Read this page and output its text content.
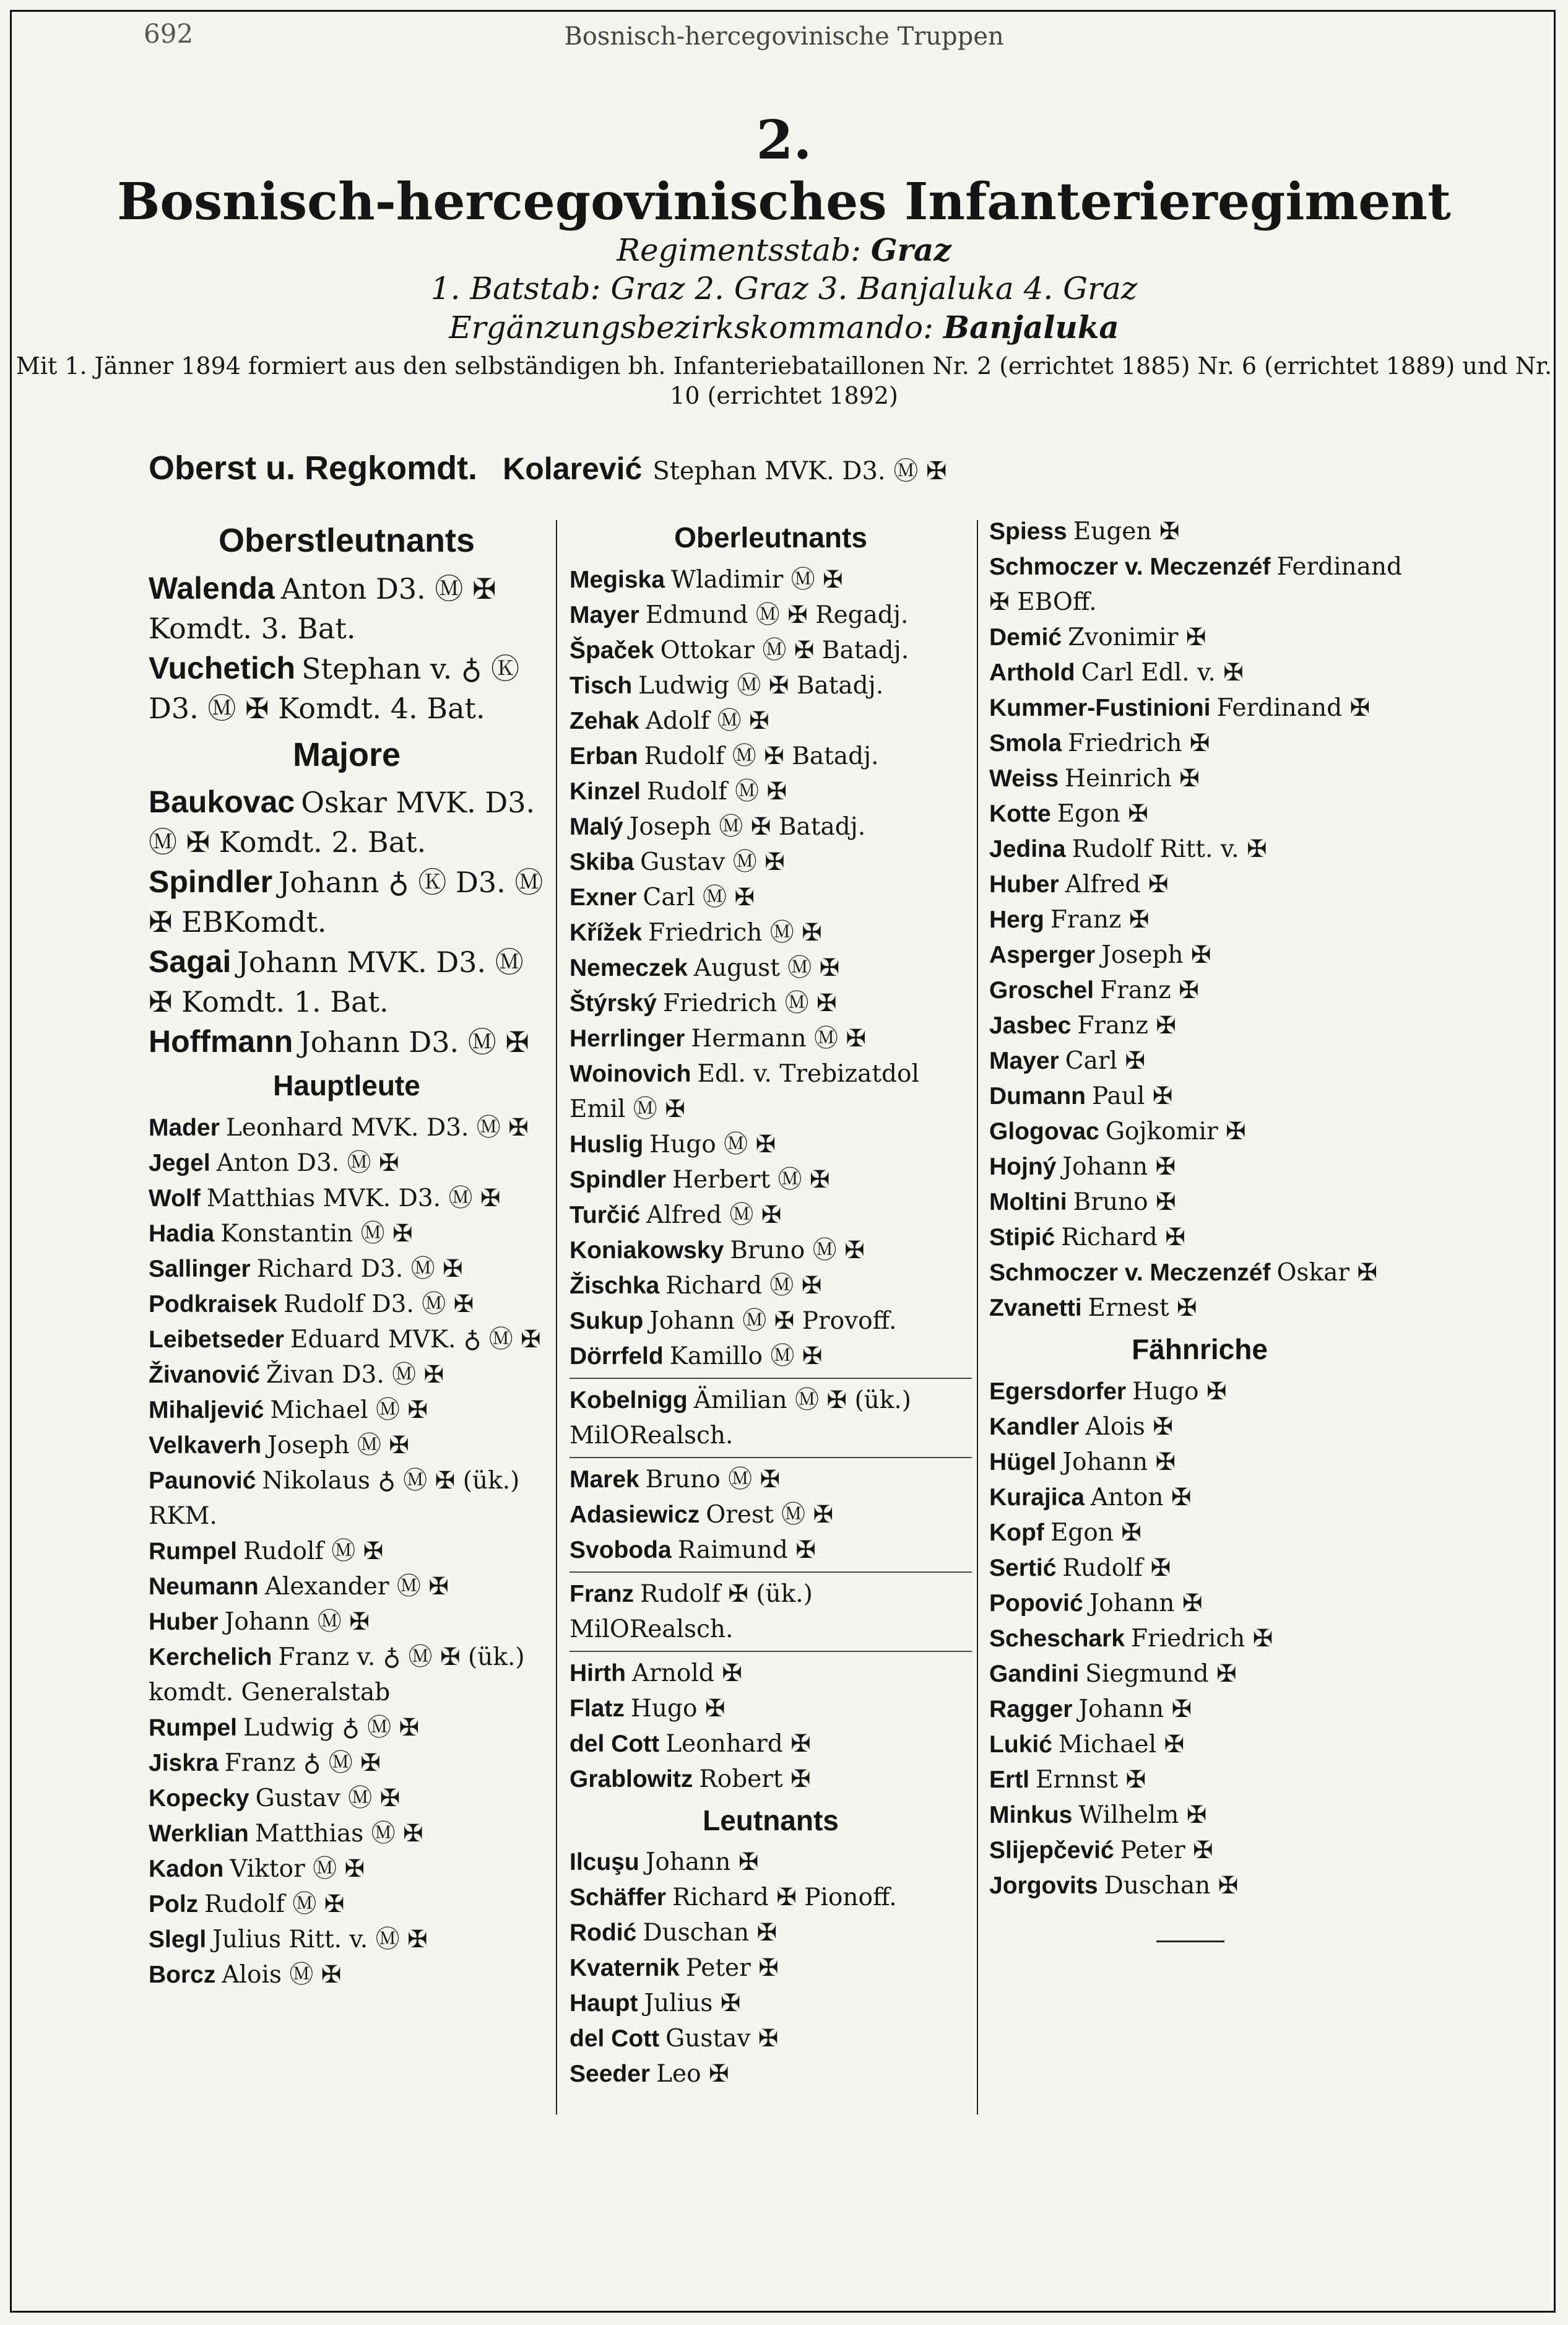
692	Bosnisch-hercegovinische Truppen
2.
Bosnisch-hercegovinisches Infanterieregiment
Regimentsstab: Graz
1. Batstab: Graz 2. Graz 3. Banjaluka 4. Graz
Ergänzungsbezirkskommando: Banjaluka
Mit 1. Jänner 1894 formiert aus den selbständigen bh. Infanteriebataillonen Nr. 2 (errichtet 1885) Nr. 6 (errichtet 1889) und Nr. 10 (errichtet 1892)
Oberst u. Regkomdt. Kolarević Stephan MVK. D3. Ⓜ ✠
Oberstleutnants
Walenda Anton D3. Ⓜ ✠ Komdt. 3. Bat.
Vuchetich Stephan v. ♁ Ⓚ D3. Ⓜ ✠ Komdt. 4. Bat.
Majore
Baukovac Oskar MVK. D3. Ⓜ ✠ Komdt. 2. Bat.
Spindler Johann ♁ Ⓚ D3. Ⓜ ✠ EBKomdt.
Sagai Johann MVK. D3. Ⓜ ✠ Komdt. 1. Bat.
Hoffmann Johann D3. Ⓜ ✠
Hauptleute
Mader Leonhard MVK. D3. Ⓜ ✠
Jegel Anton D3. Ⓜ ✠
Wolf Matthias MVK. D3. Ⓜ ✠
Hadia Konstantin Ⓜ ✠
Sallinger Richard D3. Ⓜ ✠
Podkraisek Rudolf D3. Ⓜ ✠
Leibetseder Eduard MVK. ♁ Ⓜ ✠
Živanović Živan D3. Ⓜ ✠
Mihaljević Michael Ⓜ ✠
Velkaverh Joseph Ⓜ ✠
Paunović Nikolaus ♁ Ⓜ ✠ (ük.) RKM.
Rumpel Rudolf Ⓜ ✠
Neumann Alexander Ⓜ ✠
Huber Johann Ⓜ ✠
Kerchelich Franz v. ♁ Ⓜ ✠ (ük.) komdt. Generalstab
Rumpel Ludwig ♁ Ⓜ ✠
Jiskra Franz ♁ Ⓜ ✠
Kopecky Gustav Ⓜ ✠
Werklian Matthias Ⓜ ✠
Kadon Viktor Ⓜ ✠
Polz Rudolf Ⓜ ✠
Slegl Julius Ritt. v. Ⓜ ✠
Borcz Alois Ⓜ ✠
Oberleutnants
Megiska Wladimir Ⓜ ✠
Mayer Edmund Ⓜ ✠ Regadj.
Špaček Ottokar Ⓜ ✠ Batadj.
Tisch Ludwig Ⓜ ✠ Batadj.
Zehak Adolf Ⓜ ✠
Erban Rudolf Ⓜ ✠ Batadj.
Kinzel Rudolf Ⓜ ✠
Malý Joseph Ⓜ ✠ Batadj.
Skiba Gustav Ⓜ ✠
Exner Carl Ⓜ ✠
Křížek Friedrich Ⓜ ✠
Nemeczek August Ⓜ ✠
Štýrský Friedrich Ⓜ ✠
Herrlinger Hermann Ⓜ ✠
Woinovich Edl. v. Trebizatdol Emil Ⓜ ✠
Huslig Hugo Ⓜ ✠
Spindler Herbert Ⓜ ✠
Turčić Alfred Ⓜ ✠
Koniakowsky Bruno Ⓜ ✠
Žischka Richard Ⓜ ✠
Sukup Johann Ⓜ ✠ Provoff.
Dörrfeld Kamillo Ⓜ ✠
Kobelnigg Ämilian Ⓜ ✠ (ük.) MilORealsch.
Marek Bruno Ⓜ ✠
Adasiewicz Orest Ⓜ ✠
Svoboda Raimund ✠
Franz Rudolf ✠ (ük.) MilORealsch.
Hirth Arnold ✠
Flatz Hugo ✠
del Cott Leonhard ✠
Grablowitz Robert ✠
Leutnants
Ilcuşu Johann ✠
Schäffer Richard ✠ Pionoff.
Rodić Duschan ✠
Kvaternik Peter ✠
Haupt Julius ✠
del Cott Gustav ✠
Seeder Leo ✠
Spiess Eugen ✠
Schmoczer v. Meczenzéf Ferdinand ✠ EBOff.
Demić Zvonimir ✠
Arthold Carl Edl. v. ✠
Kummer-Fustinioni Ferdinand ✠
Smola Friedrich ✠
Weiss Heinrich ✠
Kotte Egon ✠
Jedina Rudolf Ritt. v. ✠
Huber Alfred ✠
Herg Franz ✠
Asperger Joseph ✠
Groschel Franz ✠
Jasbec Franz ✠
Mayer Carl ✠
Dumann Paul ✠
Glogovac Gojkomir ✠
Hojný Johann ✠
Moltini Bruno ✠
Stipić Richard ✠
Schmoczer v. Meczenzéf Oskar ✠
Zvanetti Ernest ✠
Fähnriche
Egersdorfer Hugo ✠
Kandler Alois ✠
Hügel Johann ✠
Kurajica Anton ✠
Kopf Egon ✠
Sertić Rudolf ✠
Popović Johann ✠
Scheschark Friedrich ✠
Gandini Siegmund ✠
Ragger Johann ✠
Lukić Michael ✠
Ertl Ernnst ✠
Minkus Wilhelm ✠
Slijepčević Peter ✠
Jorgovits Duschan ✠
